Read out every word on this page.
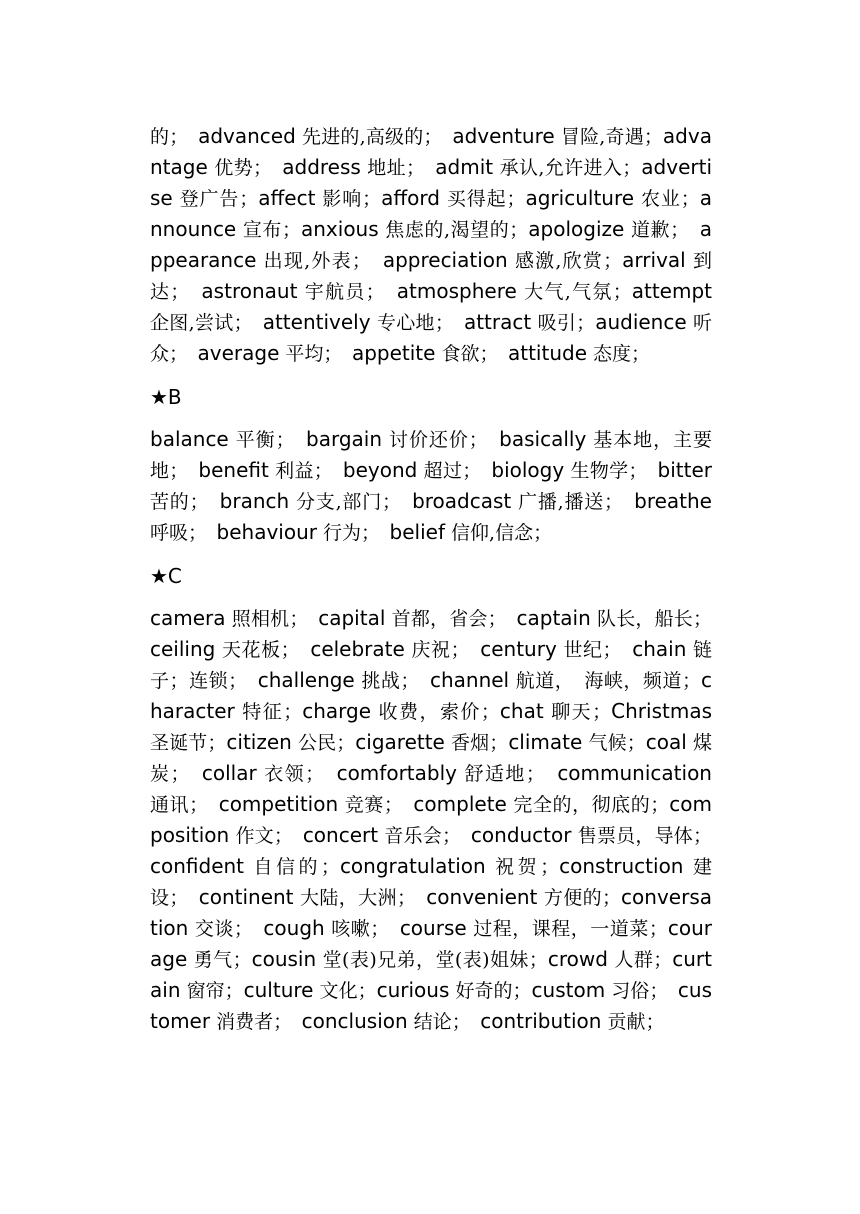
的；　advanced 先进的,高级的；　adventure 冒险,奇遇；advantage 优势；　address 地址；　admit 承认,允许进入；advertise 登广告；affect 影响；afford 买得起；agriculture 农业；announce 宣布；anxious 焦虑的,渴望的；apologize 道歉；　appearance 出现,外表；　appreciation 感激,欣赏；arrival 到达；　astronaut 宇航员；　atmosphere 大气,气氛；attempt 企图,尝试；　attentively 专心地；　attract 吸引；audience 听众；　average 平均；　appetite 食欲；　attitude 态度；

★B

balance 平衡；　bargain 讨价还价；　basically 基本地，主要地；　benefit 利益；　beyond 超过；　biology 生物学；　bitter 苦的；　branch 分支,部门；　broadcast 广播,播送；　breathe 呼吸；　behaviour 行为；　belief 信仰,信念；

★C

camera 照相机；　capital 首都，省会；　captain 队长，船长；ceiling 天花板；　celebrate 庆祝；　century 世纪；　chain 链子；连锁；　challenge 挑战；　channel 航道，　海峡，频道；character 特征；charge 收费，索价；chat 聊天；Christmas 圣诞节；citizen 公民；cigarette 香烟；climate 气候；coal 煤炭；　collar 衣领；　comfortably 舒适地；　communication 通讯；　competition 竞赛；　complete 完全的，彻底的；composition 作文；　concert 音乐会；　conductor 售票员，导体；confident 自信的；congratulation 祝贺；construction 建设；　continent 大陆，大洲；　convenient 方便的；conversation 交谈；　cough 咳嗽；　course 过程，课程，一道菜；courage 勇气；cousin 堂(表)兄弟，堂(表)姐妹；crowd 人群；curtain 窗帘；culture 文化；curious 好奇的；custom 习俗；　customer 消费者；　conclusion 结论；　contribution 贡献；
